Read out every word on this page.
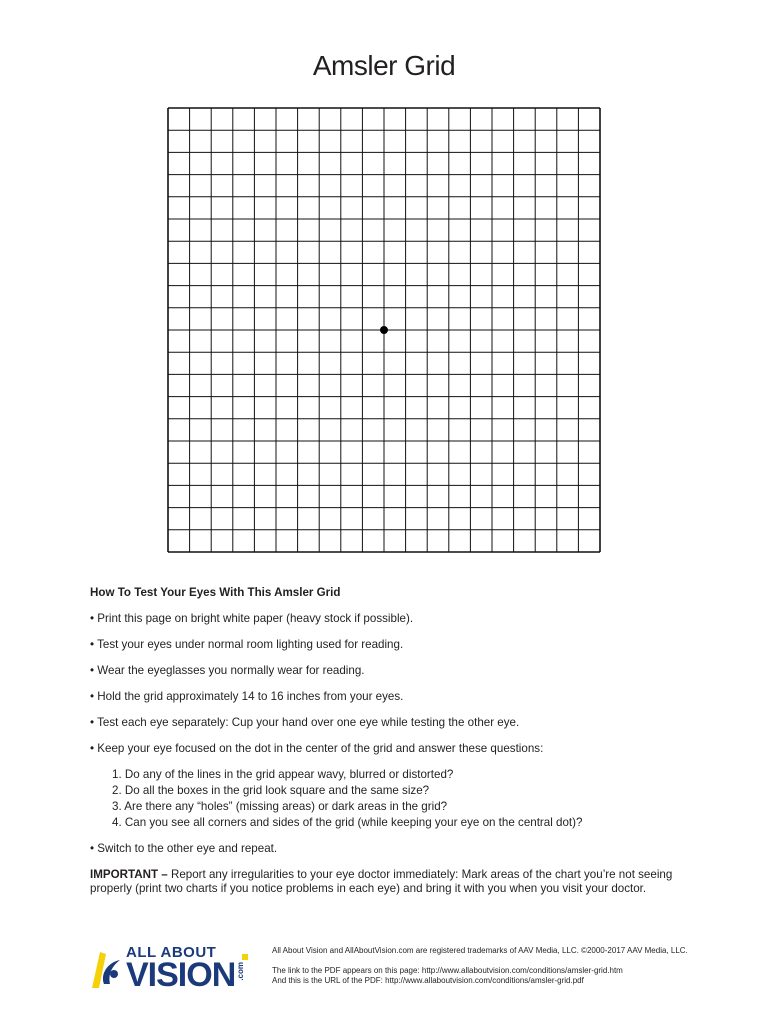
Amsler Grid
How To Test Your Eyes With This Amsler Grid
• Print this page on bright white paper (heavy stock if possible).
• Test your eyes under normal room lighting used for reading.
• Wear the eyeglasses you normally wear for reading.
• Hold the grid approximately 14 to 16 inches from your eyes.
• Test each eye separately: Cup your hand over one eye while testing the other eye.
• Keep your eye focused on the dot in the center of the grid and answer these questions:
1. Do any of the lines in the grid appear wavy, blurred or distorted?
2. Do all the boxes in the grid look square and the same size?
3. Are there any “holes” (missing areas) or dark areas in the grid?
4. Can you see all corners and sides of the grid (while keeping your eye on the central dot)?
• Switch to the other eye and repeat.
IMPORTANT – Report any irregularities to your eye doctor immediately: Mark areas of the chart you’re not seeing properly (print two charts if you notice problems in each eye) and bring it with you when you visit your doctor.
ALL ABOUT
VISION .com
All About Vision and AllAboutVision.com are registered trademarks of AAV Media, LLC. ©2000-2017 AAV Media, LLC.
The link to the PDF appears on this page: http://www.allaboutvision.com/conditions/amsler-grid.htm
And this is the URL of the PDF: http://www.allaboutvision.com/conditions/amsler-grid.pdf
